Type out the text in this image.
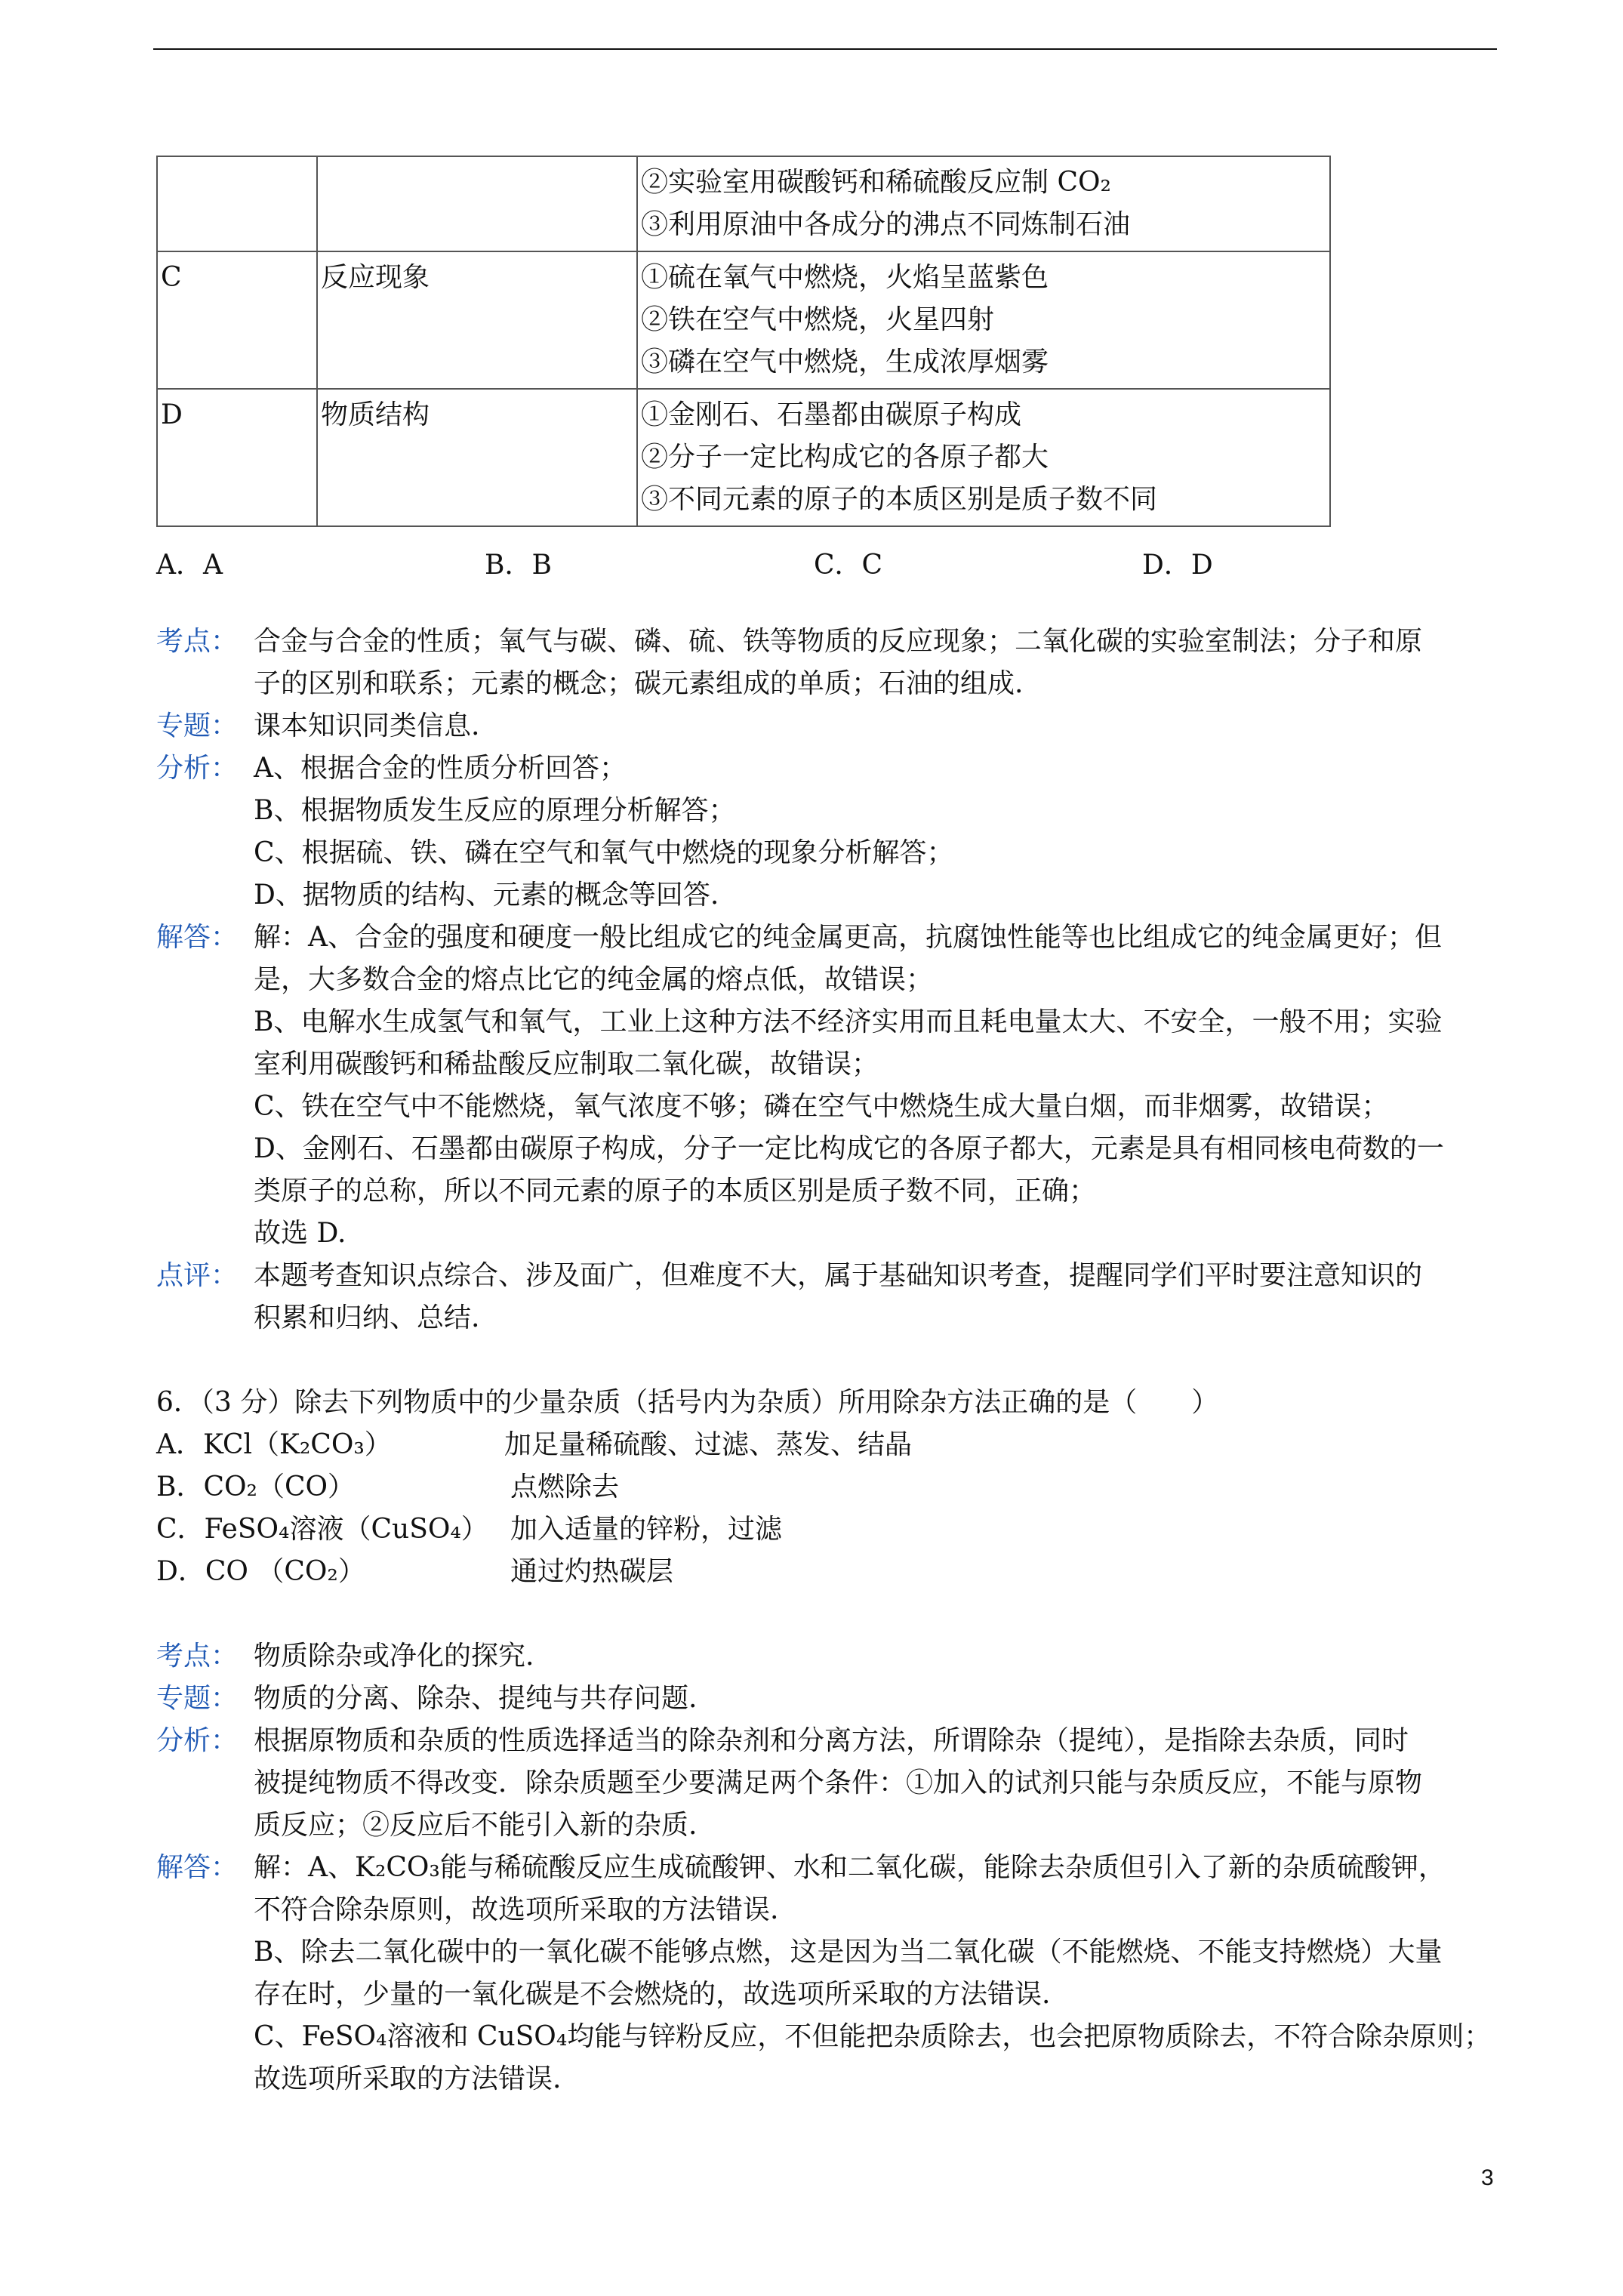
		②实验室用碳酸钙和稀硫酸反应制 CO₂
③利用原油中各成分的沸点不同炼制石油

C	反应现象	①硫在氧气中燃烧，火焰呈蓝紫色
②铁在空气中燃烧，火星四射
③磷在空气中燃烧，生成浓厚烟雾

D	物质结构	①金刚石、石墨都由碳原子构成
②分子一定比构成它的各原子都大
③不同元素的原子的本质区别是质子数不同
A．A	B．B	C．C	D．D
考点： 合金与合金的性质；氧气与碳、磷、硫、铁等物质的反应现象；二氧化碳的实验室制法；分子和原
子的区别和联系；元素的概念；碳元素组成的单质；石油的组成.
专题： 课本知识同类信息.
分析： A、根据合金的性质分析回答；
B、根据物质发生反应的原理分析解答；
C、根据硫、铁、磷在空气和氧气中燃烧的现象分析解答；
D、据物质的结构、元素的概念等回答.
解答： 解：A、合金的强度和硬度一般比组成它的纯金属更高，抗腐蚀性能等也比组成它的纯金属更好；但
是，大多数合金的熔点比它的纯金属的熔点低，故错误；
B、电解水生成氢气和氧气，工业上这种方法不经济实用而且耗电量太大、不安全，一般不用；实验
室利用碳酸钙和稀盐酸反应制取二氧化碳，故错误；
C、铁在空气中不能燃烧，氧气浓度不够；磷在空气中燃烧生成大量白烟，而非烟雾，故错误；
D、金刚石、石墨都由碳原子构成，分子一定比构成它的各原子都大，元素是具有相同核电荷数的一
类原子的总称，所以不同元素的原子的本质区别是质子数不同，正确；
故选 D.
点评： 本题考查知识点综合、涉及面广，但难度不大，属于基础知识考查，提醒同学们平时要注意知识的
积累和归纳、总结.
6．（3 分）除去下列物质中的少量杂质（括号内为杂质）所用除杂方法正确的是（　　）
A．KCl（K₂CO₃）	加足量稀硫酸、过滤、蒸发、结晶
B．CO₂（CO）	点燃除去
C．FeSO₄溶液（CuSO₄） 加入适量的锌粉，过滤
D．CO （CO₂）	通过灼热碳层
考点： 物质除杂或净化的探究.
专题： 物质的分离、除杂、提纯与共存问题.
分析： 根据原物质和杂质的性质选择适当的除杂剂和分离方法，所谓除杂（提纯），是指除去杂质，同时
被提纯物质不得改变．除杂质题至少要满足两个条件：①加入的试剂只能与杂质反应，不能与原物
质反应；②反应后不能引入新的杂质.
解答： 解：A、K₂CO₃能与稀硫酸反应生成硫酸钾、水和二氧化碳，能除去杂质但引入了新的杂质硫酸钾，
不符合除杂原则，故选项所采取的方法错误.
B、除去二氧化碳中的一氧化碳不能够点燃，这是因为当二氧化碳（不能燃烧、不能支持燃烧）大量
存在时，少量的一氧化碳是不会燃烧的，故选项所采取的方法错误.
C、FeSO₄溶液和 CuSO₄均能与锌粉反应，不但能把杂质除去，也会把原物质除去，不符合除杂原则；
故选项所采取的方法错误.
3
